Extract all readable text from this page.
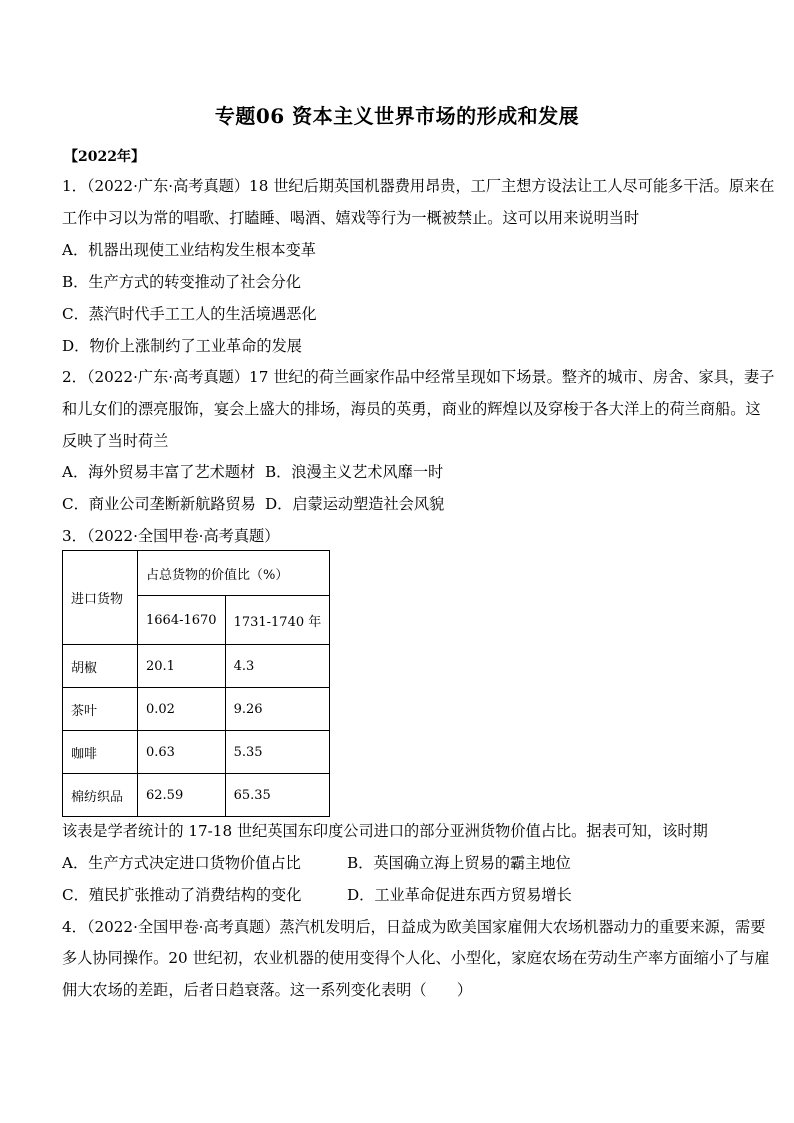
专题06 资本主义世界市场的形成和发展
【2022年】
1．（2022·广东·高考真题）18 世纪后期英国机器费用昂贵，工厂主想方设法让工人尽可能多干活。原来在
工作中习以为常的唱歌、打瞌睡、喝酒、嬉戏等行为一概被禁止。这可以用来说明当时
A．机器出现使工业结构发生根本变革
B．生产方式的转变推动了社会分化
C．蒸汽时代手工工人的生活境遇恶化
D．物价上涨制约了工业革命的发展
2．（2022·广东·高考真题）17 世纪的荷兰画家作品中经常呈现如下场景。整齐的城市、房舍、家具，妻子
和儿女们的漂亮服饰，宴会上盛大的排场，海员的英勇，商业的辉煌以及穿梭于各大洋上的荷兰商船。这
反映了当时荷兰
A．海外贸易丰富了艺术题材 B．浪漫主义艺术风靡一时
C．商业公司垄断新航路贸易 D．启蒙运动塑造社会风貌
3．（2022·全国甲卷·高考真题）
进口货物	占总货物的价值比（%）	
	1664-1670	1731-1740 年
胡椒	20.1	4.3
茶叶	0.02	9.26
咖啡	0.63	5.35
棉纺织品	62.59	65.35
该表是学者统计的 17-18 世纪英国东印度公司进口的部分亚洲货物价值占比。据表可知，该时期
A．生产方式决定进口货物价值占比	B．英国确立海上贸易的霸主地位
C．殖民扩张推动了消费结构的变化	D．工业革命促进东西方贸易增长
4．（2022·全国甲卷·高考真题）蒸汽机发明后，日益成为欧美国家雇佣大农场机器动力的重要来源，需要
多人协同操作。20 世纪初，农业机器的使用变得个人化、小型化，家庭农场在劳动生产率方面缩小了与雇
佣大农场的差距，后者日趋衰落。这一系列变化表明（　　）
